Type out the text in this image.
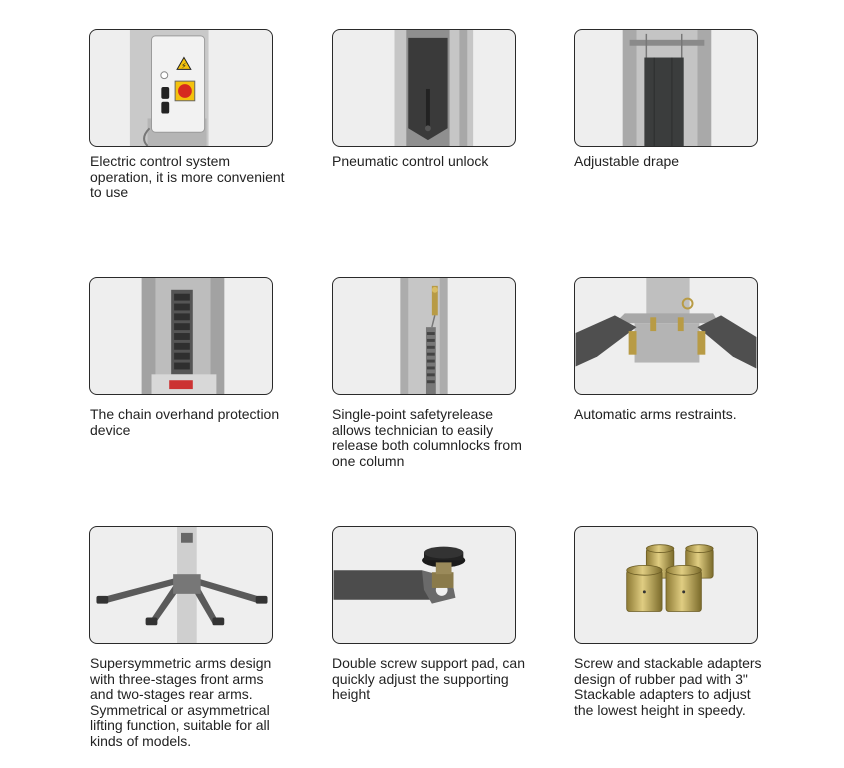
⚡
Electric control system operation, it is more convenient to use
Pneumatic control unlock	Adjustable drape
The chain overhand protection device
Single-point safetyrelease allows technician to easily release both columnlocks from one column
Automatic arms restraints.
Supersymmetric arms design with three-stages front arms and two-stages rear arms. Symmetrical or asymmetrical lifting function, suitable for all kinds of models.
Double screw support pad, can quickly adjust the supporting height
Screw and stackable adapters design of rubber pad with 3" Stackable adapters to adjust the lowest height in speedy.
